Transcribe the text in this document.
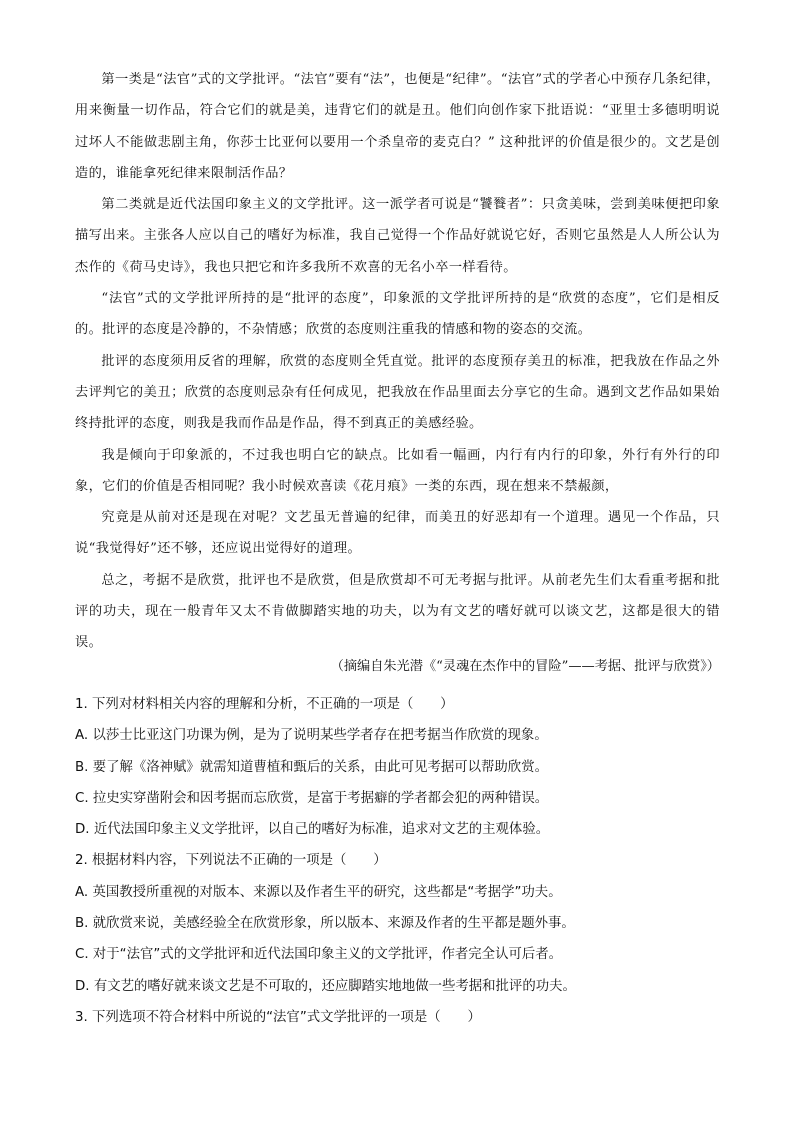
第一类是“法官”式的文学批评。“法官”要有“法”，也便是“纪律”。“法官”式的学者心中预存几条纪律，用来衡量一切作品，符合它们的就是美，违背它们的就是丑。他们向创作家下批语说：“亚里士多德明明说过坏人不能做悲剧主角，你莎士比亚何以要用一个杀皇帝的麦克白？” 这种批评的价值是很少的。文艺是创造的，谁能拿死纪律来限制活作品？

第二类就是近代法国印象主义的文学批评。这一派学者可说是“饕餮者”：只贪美味，尝到美味便把印象描写出来。主张各人应以自己的嗜好为标准，我自己觉得一个作品好就说它好，否则它虽然是人人所公认为杰作的《荷马史诗》，我也只把它和许多我所不欢喜的无名小卒一样看待。

“法官”式的文学批评所持的是“批评的态度”，印象派的文学批评所持的是“欣赏的态度”，它们是相反的。批评的态度是冷静的，不杂情感；欣赏的态度则注重我的情感和物的姿态的交流。

批评的态度须用反省的理解，欣赏的态度则全凭直觉。批评的态度预存美丑的标准，把我放在作品之外去评判它的美丑；欣赏的态度则忌杂有任何成见，把我放在作品里面去分享它的生命。遇到文艺作品如果始终持批评的态度，则我是我而作品是作品，得不到真正的美感经验。

我是倾向于印象派的，不过我也明白它的缺点。比如看一幅画，内行有内行的印象，外行有外行的印象，它们的价值是否相同呢？我小时候欢喜读《花月痕》一类的东西，现在想来不禁赧颜，

究竟是从前对还是现在对呢？文艺虽无普遍的纪律，而美丑的好恶却有一个道理。遇见一个作品，只说“我觉得好”还不够，还应说出觉得好的道理。

总之，考据不是欣赏，批评也不是欣赏，但是欣赏却不可无考据与批评。从前老先生们太看重考据和批评的功夫，现在一般青年又太不肯做脚踏实地的功夫，以为有文艺的嗜好就可以谈文艺，这都是很大的错误。

（摘编自朱光潜《“灵魂在杰作中的冒险”——考据、批评与欣赏》）

1. 下列对材料相关内容的理解和分析，不正确的一项是（　　）

A. 以莎士比亚这门功课为例，是为了说明某些学者存在把考据当作欣赏的现象。

B. 要了解《洛神赋》就需知道曹植和甄后的关系，由此可见考据可以帮助欣赏。

C. 拉史实穿凿附会和因考据而忘欣赏，是富于考据癖的学者都会犯的两种错误。

D. 近代法国印象主义文学批评，以自己的嗜好为标准，追求对文艺的主观体验。

2. 根据材料内容，下列说法不正确的一项是（　　）

A. 英国教授所重视的对版本、来源以及作者生平的研究，这些都是“考据学”功夫。

B. 就欣赏来说，美感经验全在欣赏形象，所以版本、来源及作者的生平都是题外事。

C. 对于“法官”式的文学批评和近代法国印象主义的文学批评，作者完全认可后者。

D. 有文艺的嗜好就来谈文艺是不可取的，还应脚踏实地地做一些考据和批评的功夫。

3. 下列选项不符合材料中所说的“法官”式文学批评的一项是（　　）
